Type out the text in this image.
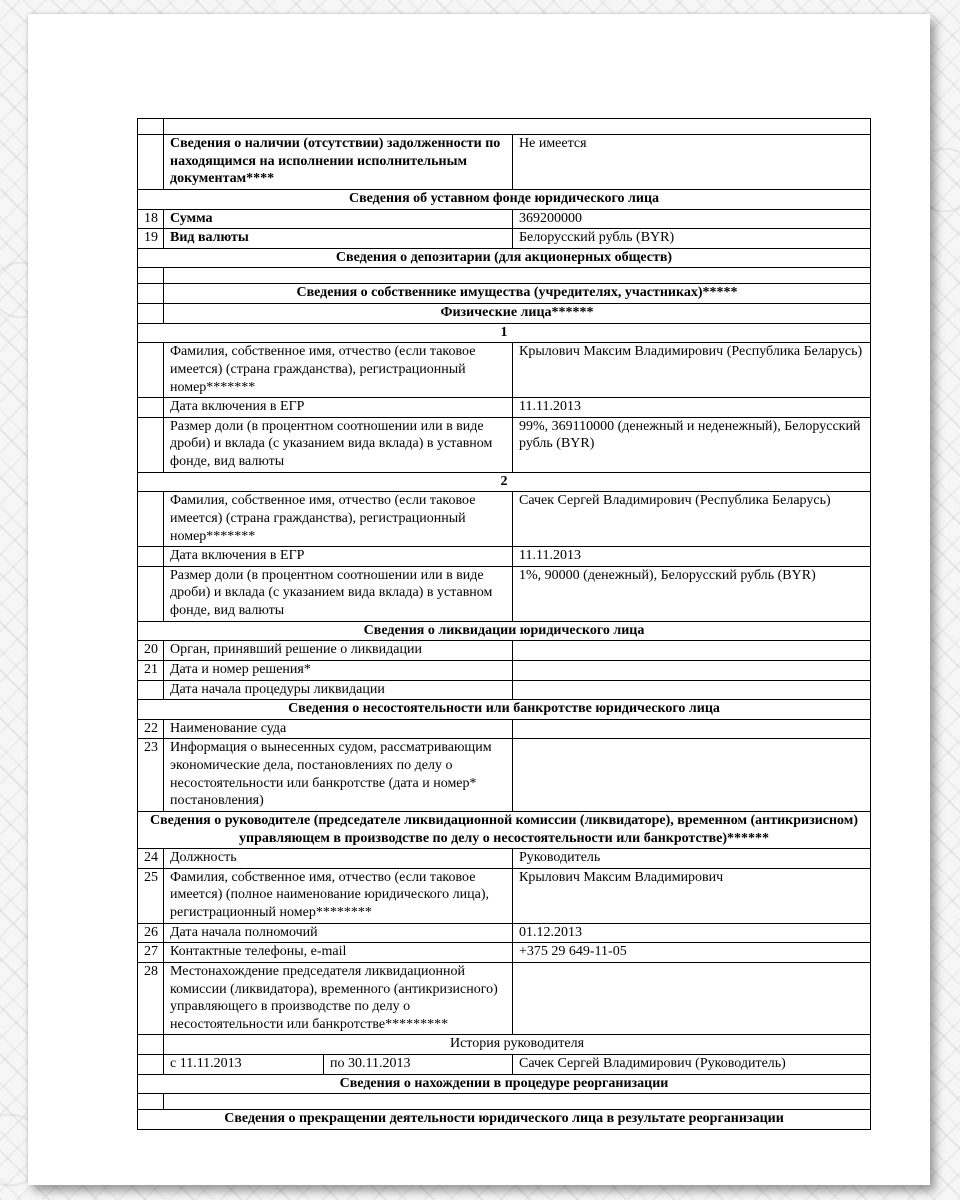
	Сведения о наличии (отсутствии) задолженности по находящимся на исполнении исполнительным документам****		Не имеется
Сведения об уставном фонде юридического лица			
18	Сумма		369200000
19	Вид валюты		Белорусский рубль (BYR)
Сведения о депозитарии (для акционерных обществ)			

	Сведения о собственнике имущества (учредителях, участниках)*****		
	Физические лица******		
1			
	Фамилия, собственное имя, отчество (если таковое имеется) (страна гражданства), регистрационный номер*******		Крылович Максим Владимирович (Республика Беларусь)
	Дата включения в ЕГР		11.11.2013
	Размер доли (в процентном соотношении или в виде дроби) и вклада (с указанием вида вклада) в уставном фонде, вид валюты		99%, 369110000 (денежный и неденежный), Белорусский рубль (BYR)
2			
	Фамилия, собственное имя, отчество (если таковое имеется) (страна гражданства), регистрационный номер*******		Сачек Сергей Владимирович (Республика Беларусь)
	Дата включения в ЕГР		11.11.2013
	Размер доли (в процентном соотношении или в виде дроби) и вклада (с указанием вида вклада) в уставном фонде, вид валюты		1%, 90000 (денежный), Белорусский рубль (BYR)
Сведения о ликвидации юридического лица			
20	Орган, принявший решение о ликвидации		
21	Дата и номер решения*		
	Дата начала процедуры ликвидации		
Сведения о несостоятельности или банкротстве юридического лица			
22	Наименование суда		
23	Информация о вынесенных судом, рассматривающим экономические дела, постановлениях по делу о несостоятельности или банкротстве (дата и номер* постановления)		
Сведения о руководителе (председателе ликвидационной комиссии (ликвидаторе), временном (антикризисном) управляющем в производстве по делу о несостоятельности или банкротстве)******			
24	Должность		Руководитель
25	Фамилия, собственное имя, отчество (если таковое имеется) (полное наименование юридического лица), регистрационный номер********		Крылович Максим Владимирович
26	Дата начала полномочий		01.12.2013
27	Контактные телефоны, e-mail		+375 29 649-11-05
28	Местонахождение председателя ликвидационной комиссии (ликвидатора), временного (антикризисного) управляющего в производстве по делу о несостоятельности или банкротстве*********		
	История руководителя		
	с 11.11.2013	по 30.11.2013	Сачек Сергей Владимирович (Руководитель)
Сведения о нахождении в процедуре реорганизации			

Сведения о прекращении деятельности юридического лица в результате реорганизации			
